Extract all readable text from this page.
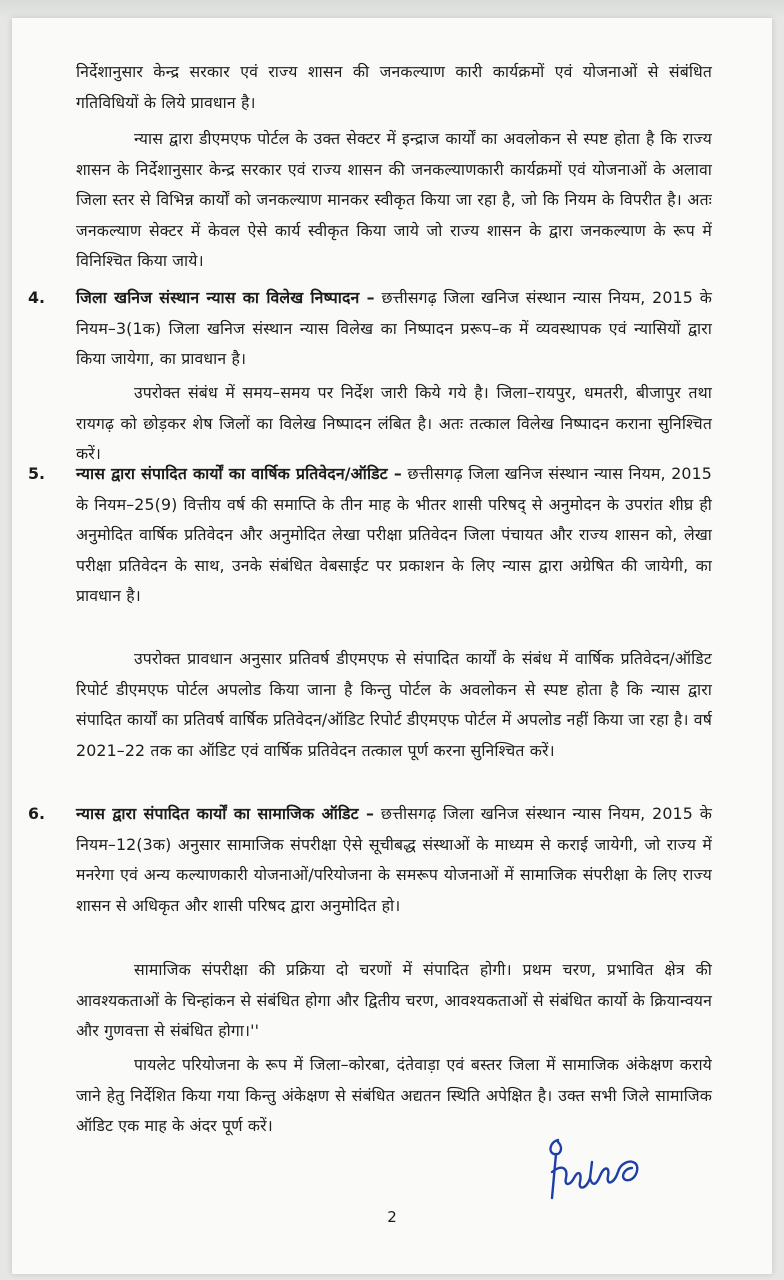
निर्देशानुसार केन्द्र सरकार एवं राज्य शासन की जनकल्याण कारी कार्यक्रमों एवं योजनाओं से संबंधित गतिविधियों के लिये प्रावधान है।

न्यास द्वारा डीएमएफ पोर्टल के उक्त सेक्टर में इन्द्राज कार्यों का अवलोकन से स्पष्ट होता है कि राज्य शासन के निर्देशानुसार केन्द्र सरकार एवं राज्य शासन की जनकल्याणकारी कार्यक्रमों एवं योजनाओं के अलावा जिला स्तर से विभिन्न कार्यों को जनकल्याण मानकर स्वीकृत किया जा रहा है, जो कि नियम के विपरीत है। अतः जनकल्याण सेक्टर में केवल ऐसे कार्य स्वीकृत किया जाये जो राज्य शासन के द्वारा जनकल्याण के रूप में विनिश्चित किया जाये।

4. जिला खनिज संस्थान न्यास का विलेख निष्पादन – छत्तीसगढ़ जिला खनिज संस्थान न्यास नियम, 2015 के नियम–3(1क) जिला खनिज संस्थान न्यास विलेख का निष्पादन प्ररूप–क में व्यवस्थापक एवं न्यासियों द्वारा किया जायेगा, का प्रावधान है।

उपरोक्त संबंध में समय–समय पर निर्देश जारी किये गये है। जिला–रायपुर, धमतरी, बीजापुर तथा रायगढ़ को छोड़कर शेष जिलों का विलेख निष्पादन लंबित है। अतः तत्काल विलेख निष्पादन कराना सुनिश्चित करें।

5. न्यास द्वारा संपादित कार्यों का वार्षिक प्रतिवेदन/ऑडिट – छत्तीसगढ़ जिला खनिज संस्थान न्यास नियम, 2015 के नियम–25(9) वित्तीय वर्ष की समाप्ति के तीन माह के भीतर शासी परिषद् से अनुमोदन के उपरांत शीघ्र ही अनुमोदित वार्षिक प्रतिवेदन और अनुमोदित लेखा परीक्षा प्रतिवेदन जिला पंचायत और राज्य शासन को, लेखा परीक्षा प्रतिवेदन के साथ, उनके संबंधित वेबसाईट पर प्रकाशन के लिए न्यास द्वारा अग्रेषित की जायेगी, का प्रावधान है।

उपरोक्त प्रावधान अनुसार प्रतिवर्ष डीएमएफ से संपादित कार्यों के संबंध में वार्षिक प्रतिवेदन/ऑडिट रिपोर्ट डीएमएफ पोर्टल अपलोड किया जाना है किन्तु पोर्टल के अवलोकन से स्पष्ट होता है कि न्यास द्वारा संपादित कार्यों का प्रतिवर्ष वार्षिक प्रतिवेदन/ऑडिट रिपोर्ट डीएमएफ पोर्टल में अपलोड नहीं किया जा रहा है। वर्ष 2021–22 तक का ऑडिट एवं वार्षिक प्रतिवेदन तत्काल पूर्ण करना सुनिश्चित करें।

6. न्यास द्वारा संपादित कार्यों का सामाजिक ऑडिट – छत्तीसगढ़ जिला खनिज संस्थान न्यास नियम, 2015 के नियम–12(3क) अनुसार सामाजिक संपरीक्षा ऐसे सूचीबद्ध संस्थाओं के माध्यम से कराई जायेगी, जो राज्य में मनरेगा एवं अन्य कल्याणकारी योजनाओं/परियोजना के समरूप योजनाओं में सामाजिक संपरीक्षा के लिए राज्य शासन से अधिकृत और शासी परिषद द्वारा अनुमोदित हो।

सामाजिक संपरीक्षा की प्रक्रिया दो चरणों में संपादित होगी। प्रथम चरण, प्रभावित क्षेत्र की आवश्यकताओं के चिन्हांकन से संबंधित होगा और द्वितीय चरण, आवश्यकताओं से संबंधित कार्यो के क्रियान्वयन और गुणवत्ता से संबंधित होगा।''

पायलेट परियोजना के रूप में जिला–कोरबा, दंतेवाड़ा एवं बस्तर जिला में सामाजिक अंकेक्षण कराये जाने हेतु निर्देशित किया गया किन्तु अंकेक्षण से संबंधित अद्यतन स्थिति अपेक्षित है। उक्त सभी जिले सामाजिक ऑडिट एक माह के अंदर पूर्ण करें।

2
